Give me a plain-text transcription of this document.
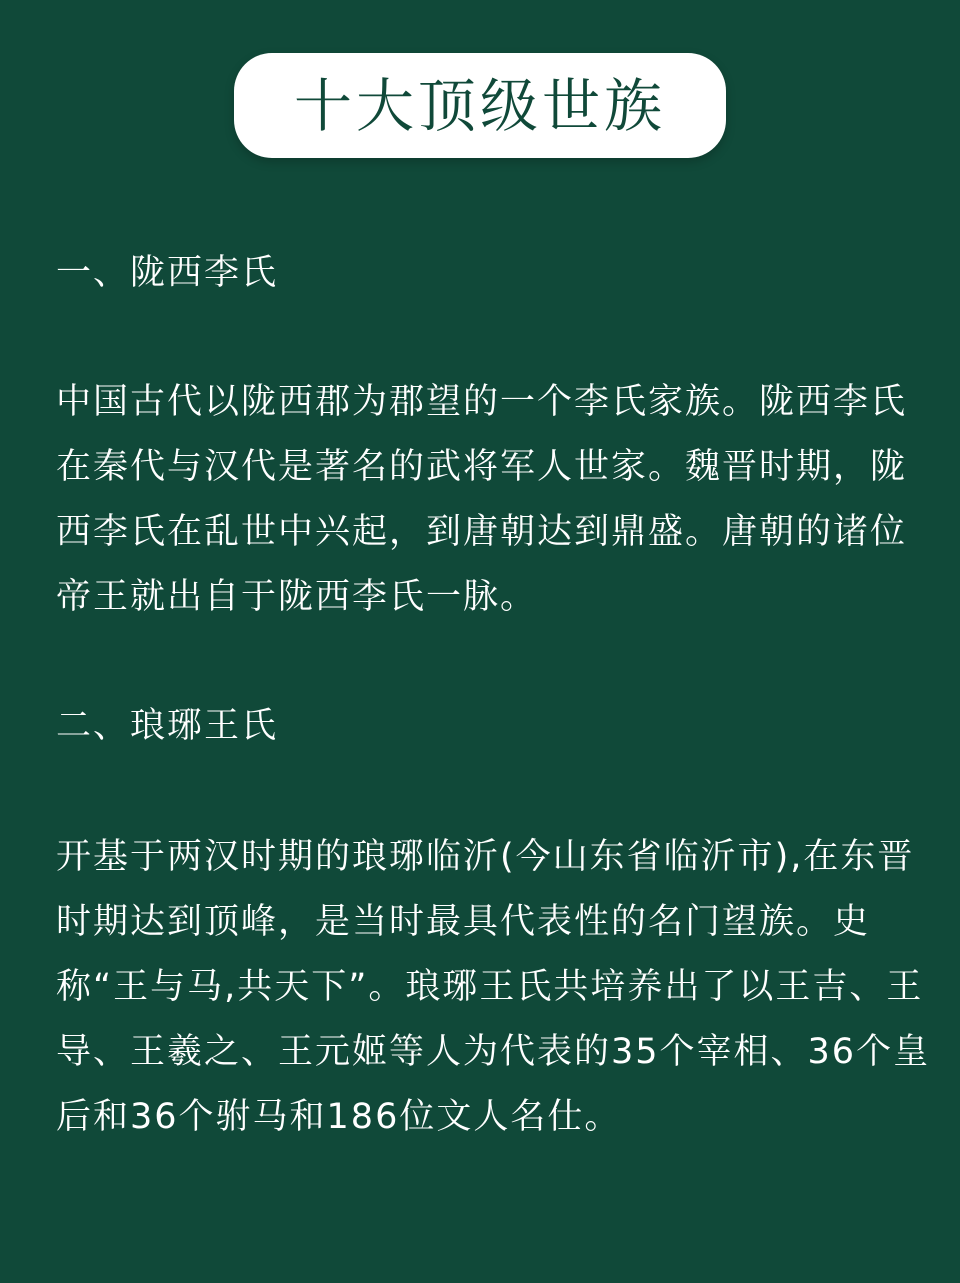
十大顶级世族
一、陇西李氏

中国古代以陇西郡为郡望的一个李氏家族。陇西李氏在秦代与汉代是著名的武将军人世家。魏晋时期，陇西李氏在乱世中兴起，到唐朝达到鼎盛。唐朝的诸位帝王就出自于陇西李氏一脉。

二、琅琊王氏

开基于两汉时期的琅琊临沂(今山东省临沂市),在东晋时期达到顶峰，是当时最具代表性的名门望族。史称“王与马,共天下”。琅琊王氏共培养出了以王吉、王导、王羲之、王元姬等人为代表的35个宰相、36个皇后和36个驸马和186位文人名仕。
